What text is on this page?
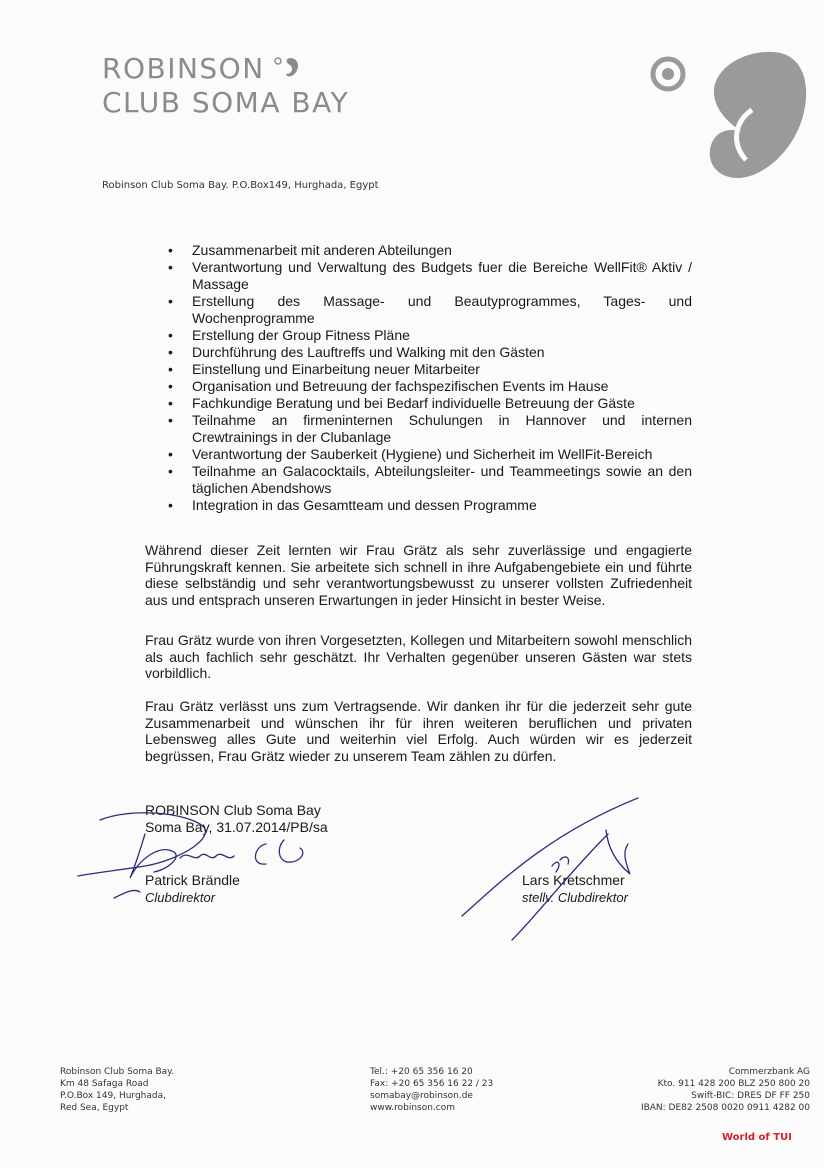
ROBINSON
CLUB SOMA BAY
Robinson Club Soma Bay. P.O.Box149, Hurghada, Egypt
• Zusammenarbeit mit anderen Abteilungen
• Verantwortung und Verwaltung des Budgets fuer die Bereiche WellFit® Aktiv / Massage
• Erstellung des Massage- und Beautyprogrammes, Tages- und Wochenprogramme
• Erstellung der Group Fitness Pläne
• Durchführung des Lauftreffs und Walking mit den Gästen
• Einstellung und Einarbeitung neuer Mitarbeiter
• Organisation und Betreuung der fachspezifischen Events im Hause
• Fachkundige Beratung und bei Bedarf individuelle Betreuung der Gäste
• Teilnahme an firmeninternen Schulungen in Hannover und internen Crewtrainings in der Clubanlage
• Verantwortung der Sauberkeit (Hygiene) und Sicherheit im WellFit-Bereich
• Teilnahme an Galacocktails, Abteilungsleiter- und Teammeetings sowie an den täglichen Abendshows
• Integration in das Gesamtteam und dessen Programme

Während dieser Zeit lernten wir Frau Grätz als sehr zuverlässige und engagierte Führungskraft kennen. Sie arbeitete sich schnell in ihre Aufgabengebiete ein und führte diese selbständig und sehr verantwortungsbewusst zu unserer vollsten Zufriedenheit aus und entsprach unseren Erwartungen in jeder Hinsicht in bester Weise.

Frau Grätz wurde von ihren Vorgesetzten, Kollegen und Mitarbeitern sowohl menschlich als auch fachlich sehr geschätzt. Ihr Verhalten gegenüber unseren Gästen war stets vorbildlich.

Frau Grätz verlässt uns zum Vertragsende. Wir danken ihr für die jederzeit sehr gute Zusammenarbeit und wünschen ihr für ihren weiteren beruflichen und privaten Lebensweg alles Gute und weiterhin viel Erfolg. Auch würden wir es jederzeit begrüssen, Frau Grätz wieder zu unserem Team zählen zu dürfen.

ROBINSON Club Soma Bay
Soma Bay, 31.07.2014/PB/sa
Patrick Brändle
Clubdirektor
Lars Kretschmer
stellv. Clubdirektor
Robinson Club Soma Bay.
Km 48 Safaga Road
P.O.Box 149, Hurghada,
Red Sea, Egypt
Tel.: +20 65 356 16 20
Fax: +20 65 356 16 22 / 23
somabay@robinson.de
www.robinson.com
Commerzbank AG
Kto. 911 428 200 BLZ 250 800 20
Swift-BIC: DRES DF FF 250
IBAN: DE82 2508 0020 0911 4282 00
World of TUI
